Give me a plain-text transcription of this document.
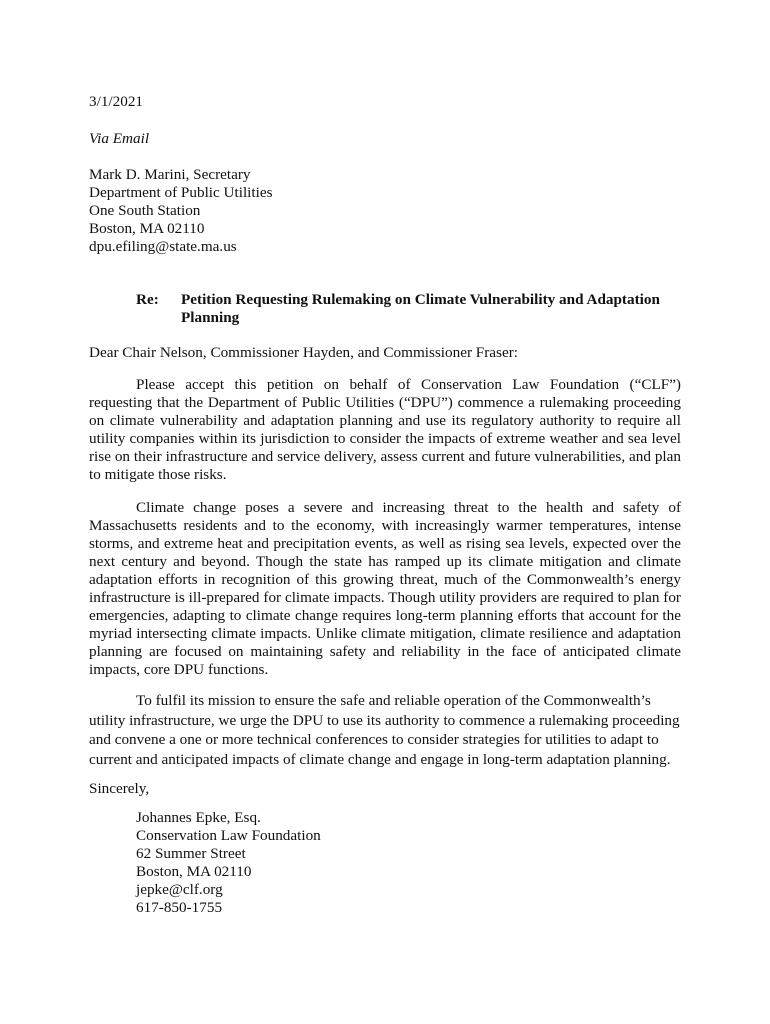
3/1/2021
Via Email
Mark D. Marini, Secretary
Department of Public Utilities
One South Station
Boston, MA 02110
dpu.efiling@state.ma.us
Re: Petition Requesting Rulemaking on Climate Vulnerability and Adaptation Planning
Dear Chair Nelson, Commissioner Hayden, and Commissioner Fraser:

Please accept this petition on behalf of Conservation Law Foundation (“CLF”) requesting that the Department of Public Utilities (“DPU”) commence a rulemaking proceeding on climate vulnerability and adaptation planning and use its regulatory authority to require all utility companies within its jurisdiction to consider the impacts of extreme weather and sea level rise on their infrastructure and service delivery, assess current and future vulnerabilities, and plan to mitigate those risks.

Climate change poses a severe and increasing threat to the health and safety of Massachusetts residents and to the economy, with increasingly warmer temperatures, intense storms, and extreme heat and precipitation events, as well as rising sea levels, expected over the next century and beyond. Though the state has ramped up its climate mitigation and climate adaptation efforts in recognition of this growing threat, much of the Commonwealth’s energy infrastructure is ill-prepared for climate impacts. Though utility providers are required to plan for emergencies, adapting to climate change requires long-term planning efforts that account for the myriad intersecting climate impacts. Unlike climate mitigation, climate resilience and adaptation planning are focused on maintaining safety and reliability in the face of anticipated climate impacts, core DPU functions.

To fulfil its mission to ensure the safe and reliable operation of the Commonwealth’s utility infrastructure, we urge the DPU to use its authority to commence a rulemaking proceeding and convene a one or more technical conferences to consider strategies for utilities to adapt to current and anticipated impacts of climate change and engage in long-term adaptation planning.

Sincerely,
Johannes Epke, Esq.
Conservation Law Foundation
62 Summer Street
Boston, MA 02110
jepke@clf.org
617-850-1755
